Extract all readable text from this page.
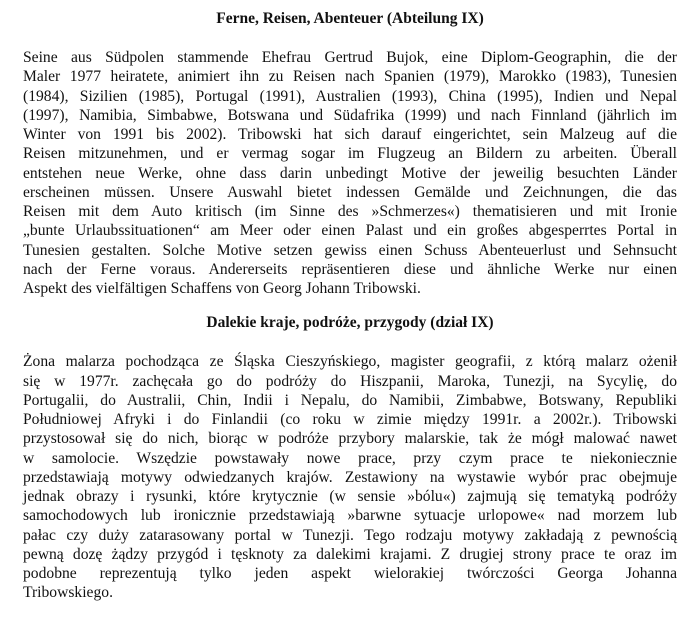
Ferne, Reisen, Abenteuer (Abteilung IX)

Seine aus Südpolen stammende Ehefrau Gertrud Bujok, eine Diplom-Geographin, die der
Maler 1977 heiratete, animiert ihn zu Reisen nach Spanien (1979), Marokko (1983), Tunesien
(1984), Sizilien (1985), Portugal (1991), Australien (1993), China (1995), Indien und Nepal
(1997), Namibia, Simbabwe, Botswana und Südafrika (1999) und nach Finnland (jährlich im
Winter von 1991 bis 2002). Tribowski hat sich darauf eingerichtet, sein Malzeug auf die
Reisen mitzunehmen, und er vermag sogar im Flugzeug an Bildern zu arbeiten. Überall
entstehen neue Werke, ohne dass darin unbedingt Motive der jeweilig besuchten Länder
erscheinen müssen. Unsere Auswahl bietet indessen Gemälde und Zeichnungen, die das
Reisen mit dem Auto kritisch (im Sinne des »Schmerzes«) thematisieren und mit Ironie
„bunte Urlaubssituationen“ am Meer oder einen Palast und ein großes abgesperrtes Portal in
Tunesien gestalten. Solche Motive setzen gewiss einen Schuss Abenteuerlust und Sehnsucht
nach der Ferne voraus. Andererseits repräsentieren diese und ähnliche Werke nur einen
Aspekt des vielfältigen Schaffens von Georg Johann Tribowski.

Dalekie kraje, podróże, przygody (dział IX)

Żona malarza pochodząca ze Śląska Cieszyńskiego, magister geografii, z którą malarz ożenił
się w 1977r. zachęcała go do podróży do Hiszpanii, Maroka, Tunezji, na Sycylię, do
Portugalii, do Australii, Chin, Indii i Nepalu, do Namibii, Zimbabwe, Botswany, Republiki
Południowej Afryki i do Finlandii (co roku w zimie między 1991r. a 2002r.). Tribowski
przystosował się do nich, biorąc w podróże przybory malarskie, tak że mógł malować nawet
w samolocie. Wszędzie powstawały nowe prace, przy czym prace te niekoniecznie
przedstawiają motywy odwiedzanych krajów. Zestawiony na wystawie wybór prac obejmuje
jednak obrazy i rysunki, które krytycznie (w sensie »bólu«) zajmują się tematyką podróży
samochodowych lub ironicznie przedstawiają »barwne sytuacje urlopowe« nad morzem lub
pałac czy duży zatarasowany portal w Tunezji. Tego rodzaju motywy zakładają z pewnością
pewną dozę żądzy przygód i tęsknoty za dalekimi krajami. Z drugiej strony prace te oraz im
podobne reprezentują tylko jeden aspekt wielorakiej twórczości Georga Johanna
Tribowskiego.
